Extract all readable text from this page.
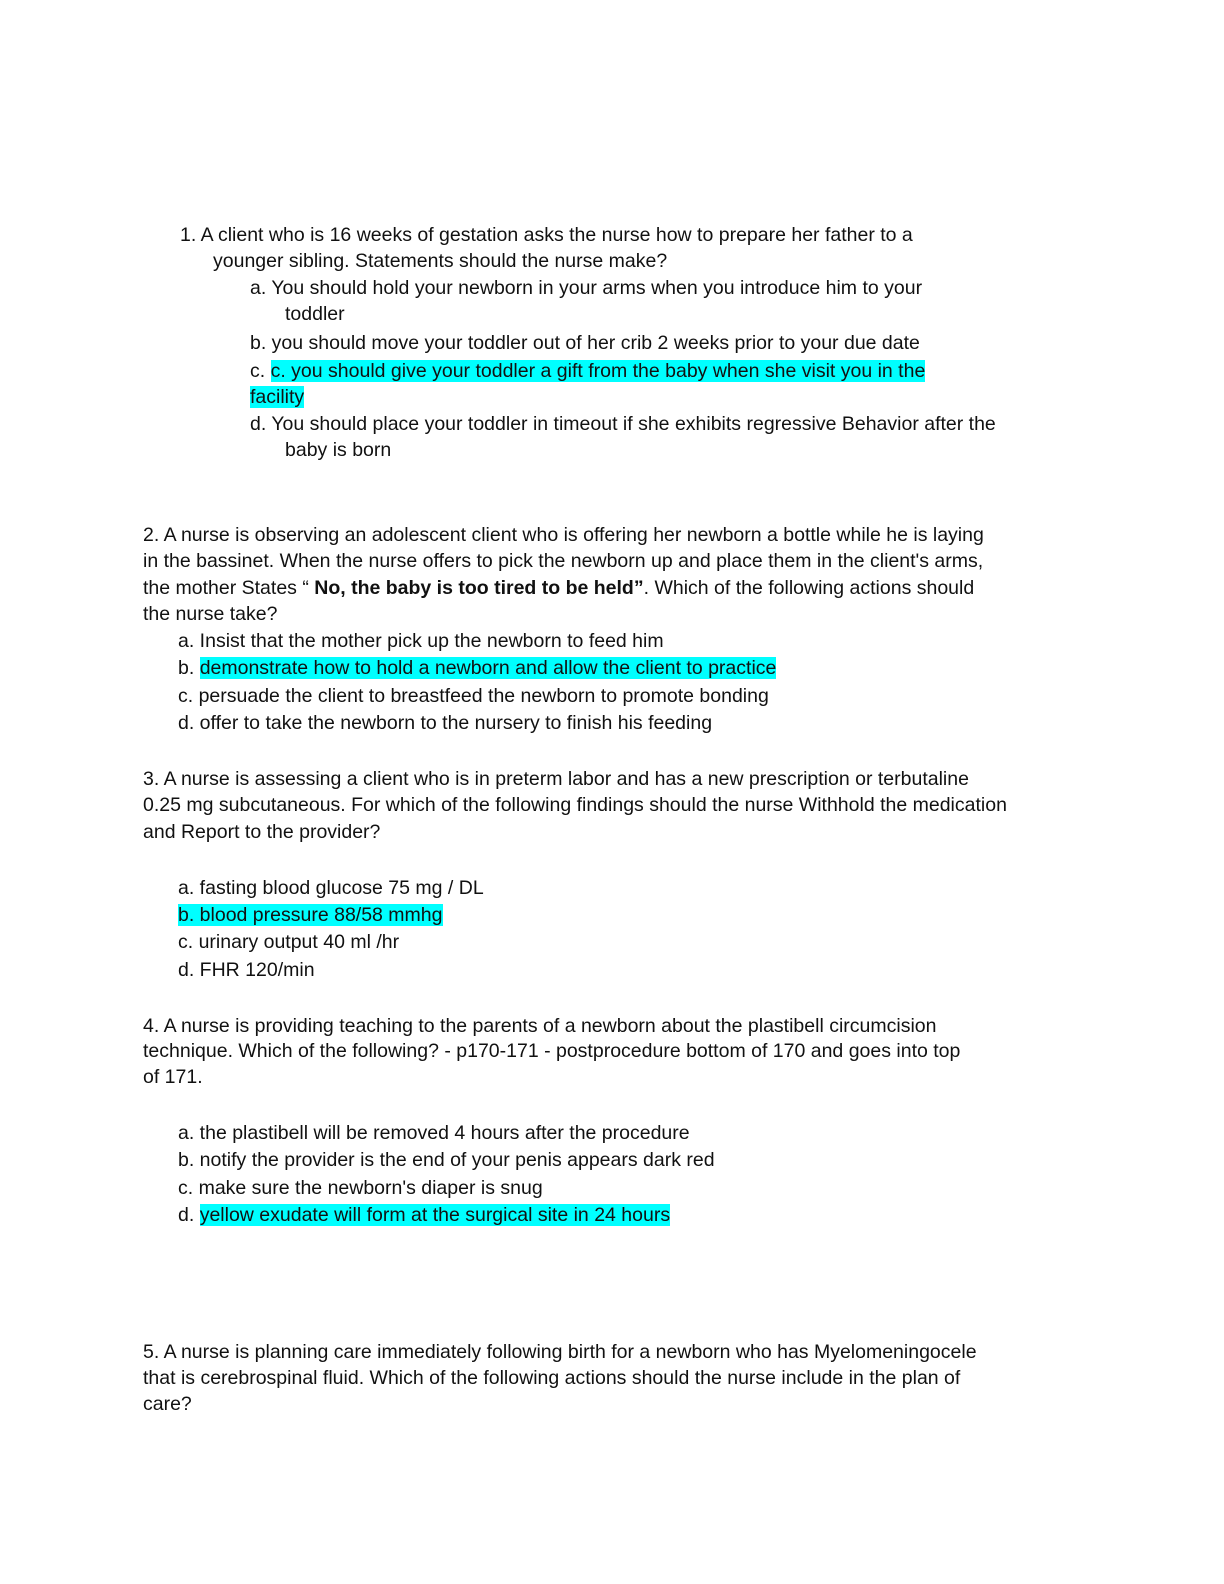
1. A client who is 16 weeks of gestation asks the nurse how to prepare her father to a
younger sibling. Statements should the nurse make?
a. You should hold your newborn in your arms when you introduce him to your
toddler
b. you should move your toddler out of her crib 2 weeks prior to your due date
c. c. you should give your toddler a gift from the baby when she visit you in the
facility
d. You should place your toddler in timeout if she exhibits regressive Behavior after the
baby is born
2. A nurse is observing an adolescent client who is offering her newborn a bottle while he is laying
in the bassinet. When the nurse offers to pick the newborn up and place them in the client's arms,
the mother States “ No, the baby is too tired to be held”. Which of the following actions should
the nurse take?
a. Insist that the mother pick up the newborn to feed him
b. demonstrate how to hold a newborn and allow the client to practice
c. persuade the client to breastfeed the newborn to promote bonding
d. offer to take the newborn to the nursery to finish his feeding
3. A nurse is assessing a client who is in preterm labor and has a new prescription or terbutaline
0.25 mg subcutaneous. For which of the following findings should the nurse Withhold the medication
and Report to the provider?
a. fasting blood glucose 75 mg / DL
b. blood pressure 88/58 mmhg
c. urinary output 40 ml /hr
d. FHR 120/min
4. A nurse is providing teaching to the parents of a newborn about the plastibell circumcision
technique. Which of the following? - p170-171 - postprocedure bottom of 170 and goes into top
of 171.
a. the plastibell will be removed 4 hours after the procedure
b. notify the provider is the end of your penis appears dark red
c. make sure the newborn's diaper is snug
d. yellow exudate will form at the surgical site in 24 hours
5. A nurse is planning care immediately following birth for a newborn who has Myelomeningocele
that is cerebrospinal fluid. Which of the following actions should the nurse include in the plan of
care?
